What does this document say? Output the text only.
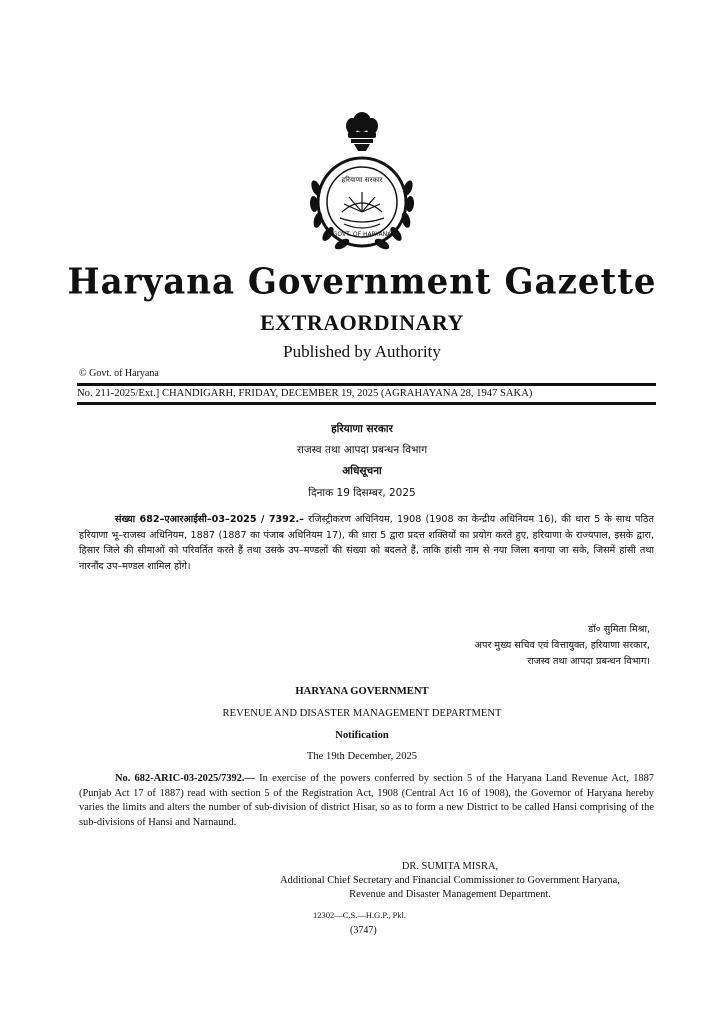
हरियाणा सरकार
GOVT. OF HARYANA
Haryana Government Gazette
EXTRAORDINARY
Published by Authority
© Govt. of Haryana
No. 211-2025/Ext.] CHANDIGARH, FRIDAY, DECEMBER 19, 2025 (AGRAHAYANA 28, 1947 SAKA)
हरियाणा सरकार
राजस्व तथा आपदा प्रबन्धन विभाग
अधिसूचना
दिनाक 19 दिसम्बर, 2025
संख्या 682–एआरआईसी–03–2025 / 7392.– रजिस्ट्रीकरण अधिनियम, 1908 (1908 का केन्द्रीय अधिनियम 16), की धारा 5 के साथ पठित हरियाणा भू–राजस्व अधिनियम, 1887 (1887 का पंजाब अधिनियम 17), की धारा 5 द्वारा प्रदत्त शक्तियों का प्रयोग करते हुए, हरियाणा के राज्यपाल, इसके द्वारा, हिसार जिले की सीमाओं को परिवर्तित करते हैं तथा उसके उप–मण्डलों की संख्या को बदलते हैं, ताकि हांसी नाम से नया जिला बनाया जा सके, जिसमें हांसी तथा नारनौंद उप–मण्डल शामिल होंगे।
डॉ० सुमिता मिश्रा,
अपर मुख्य सचिव एवं वित्तायुक्त, हरियाणा सरकार,
राजस्व तथा आपदा प्रबन्धन विभाग।
HARYANA GOVERNMENT
REVENUE AND DISASTER MANAGEMENT DEPARTMENT
Notification
The 19th December, 2025
No. 682-ARIC-03-2025/7392.— In exercise of the powers conferred by section 5 of the Haryana Land Revenue Act, 1887 (Punjab Act 17 of 1887) read with section 5 of the Registration Act, 1908 (Central Act 16 of 1908), the Governor of Haryana hereby varies the limits and alters the number of sub-division of district Hisar, so as to form a new District to be called Hansi comprising of the sub-divisions of Hansi and Narnaund.
DR. SUMITA MISRA,
Additional Chief Secretary and Financial Commissioner to Government Haryana,
Revenue and Disaster Management Department.
12302—C.S.—H.G.P., Pkl.
(3747)
